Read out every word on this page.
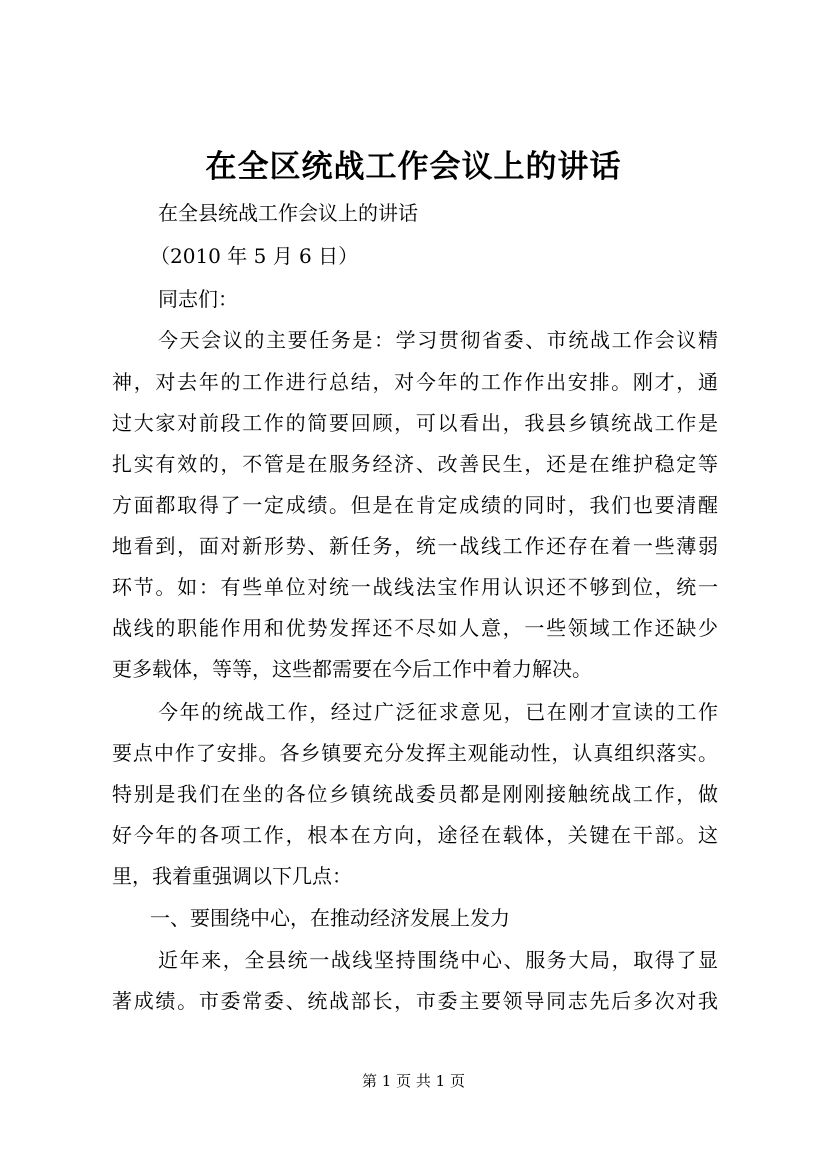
在全区统战工作会议上的讲话
在全县统战工作会议上的讲话
（2010 年 5 月 6 日）
同志们：
今天会议的主要任务是：学习贯彻省委、市统战工作会议精
神，对去年的工作进行总结，对今年的工作作出安排。刚才，通
过大家对前段工作的简要回顾，可以看出，我县乡镇统战工作是
扎实有效的，不管是在服务经济、改善民生，还是在维护稳定等
方面都取得了一定成绩。但是在肯定成绩的同时，我们也要清醒
地看到，面对新形势、新任务，统一战线工作还存在着一些薄弱
环节。如：有些单位对统一战线法宝作用认识还不够到位，统一
战线的职能作用和优势发挥还不尽如人意，一些领域工作还缺少
更多载体，等等，这些都需要在今后工作中着力解决。
今年的统战工作，经过广泛征求意见，已在刚才宣读的工作
要点中作了安排。各乡镇要充分发挥主观能动性，认真组织落实。
特别是我们在坐的各位乡镇统战委员都是刚刚接触统战工作，做
好今年的各项工作，根本在方向，途径在载体，关键在干部。这
里，我着重强调以下几点：
一、要围绕中心，在推动经济发展上发力
近年来，全县统一战线坚持围绕中心、服务大局，取得了显
著成绩。市委常委、统战部长，市委主要领导同志先后多次对我
第 1 页 共 1 页
